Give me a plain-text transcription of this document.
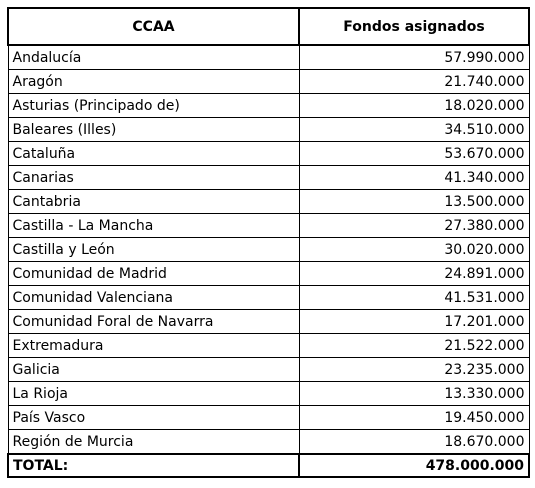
CCAA	Fondos asignados
Andalucía	57.990.000
Aragón	21.740.000
Asturias (Principado de)	18.020.000
Baleares (Illes)	34.510.000
Cataluña	53.670.000
Canarias	41.340.000
Cantabria	13.500.000
Castilla - La Mancha	27.380.000
Castilla y León	30.020.000
Comunidad de Madrid	24.891.000
Comunidad Valenciana	41.531.000
Comunidad Foral de Navarra	17.201.000
Extremadura	21.522.000
Galicia	23.235.000
La Rioja	13.330.000
País Vasco	19.450.000
Región de Murcia	18.670.000
TOTAL:	478.000.000
